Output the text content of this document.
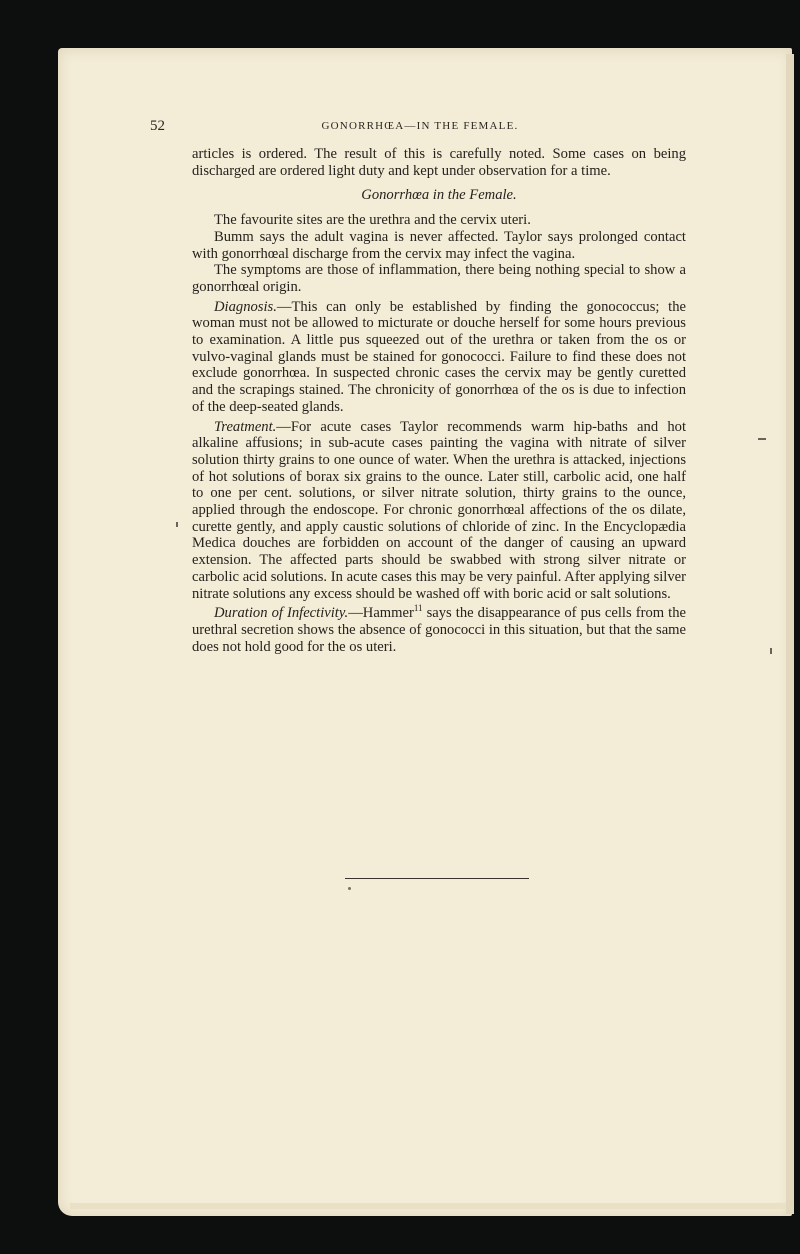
52	GONORRHŒA—IN THE FEMALE.

articles is ordered. The result of this is carefully noted. Some cases on being discharged are ordered light duty and kept under observation for a time.

Gonorrhœa in the Female.

The favourite sites are the urethra and the cervix uteri.

Bumm says the adult vagina is never affected. Taylor says prolonged contact with gonorrhœal discharge from the cervix may infect the vagina.

The symptoms are those of inflammation, there being nothing special to show a gonorrhœal origin.

Diagnosis.—This can only be established by finding the gonococcus; the woman must not be allowed to micturate or douche herself for some hours previous to examination. A little pus squeezed out of the urethra or taken from the os or vulvo-vaginal glands must be stained for gonococci. Failure to find these does not exclude gonorrhœa. In suspected chronic cases the cervix may be gently curetted and the scrapings stained. The chronicity of gonorrhœa of the os is due to infection of the deep-seated glands.

Treatment.—For acute cases Taylor recommends warm hip-baths and hot alkaline affusions; in sub-acute cases painting the vagina with nitrate of silver solution thirty grains to one ounce of water. When the urethra is attacked, injections of hot solutions of borax six grains to the ounce. Later still, carbolic acid, one half to one per cent. solutions, or silver nitrate solution, thirty grains to the ounce, applied through the endoscope. For chronic gonorrhœal affections of the os dilate, curette gently, and apply caustic solutions of chloride of zinc. In the Encyclopædia Medica douches are forbidden on account of the danger of causing an upward extension. The affected parts should be swabbed with strong silver nitrate or carbolic acid solutions. In acute cases this may be very painful. After applying silver nitrate solutions any excess should be washed off with boric acid or salt solutions.

Duration of Infectivity.—Hammer$^{11}$ says the disappearance of pus cells from the urethral secretion shows the absence of gonococci in this situation, but that the same does not hold good for the os uteri.
